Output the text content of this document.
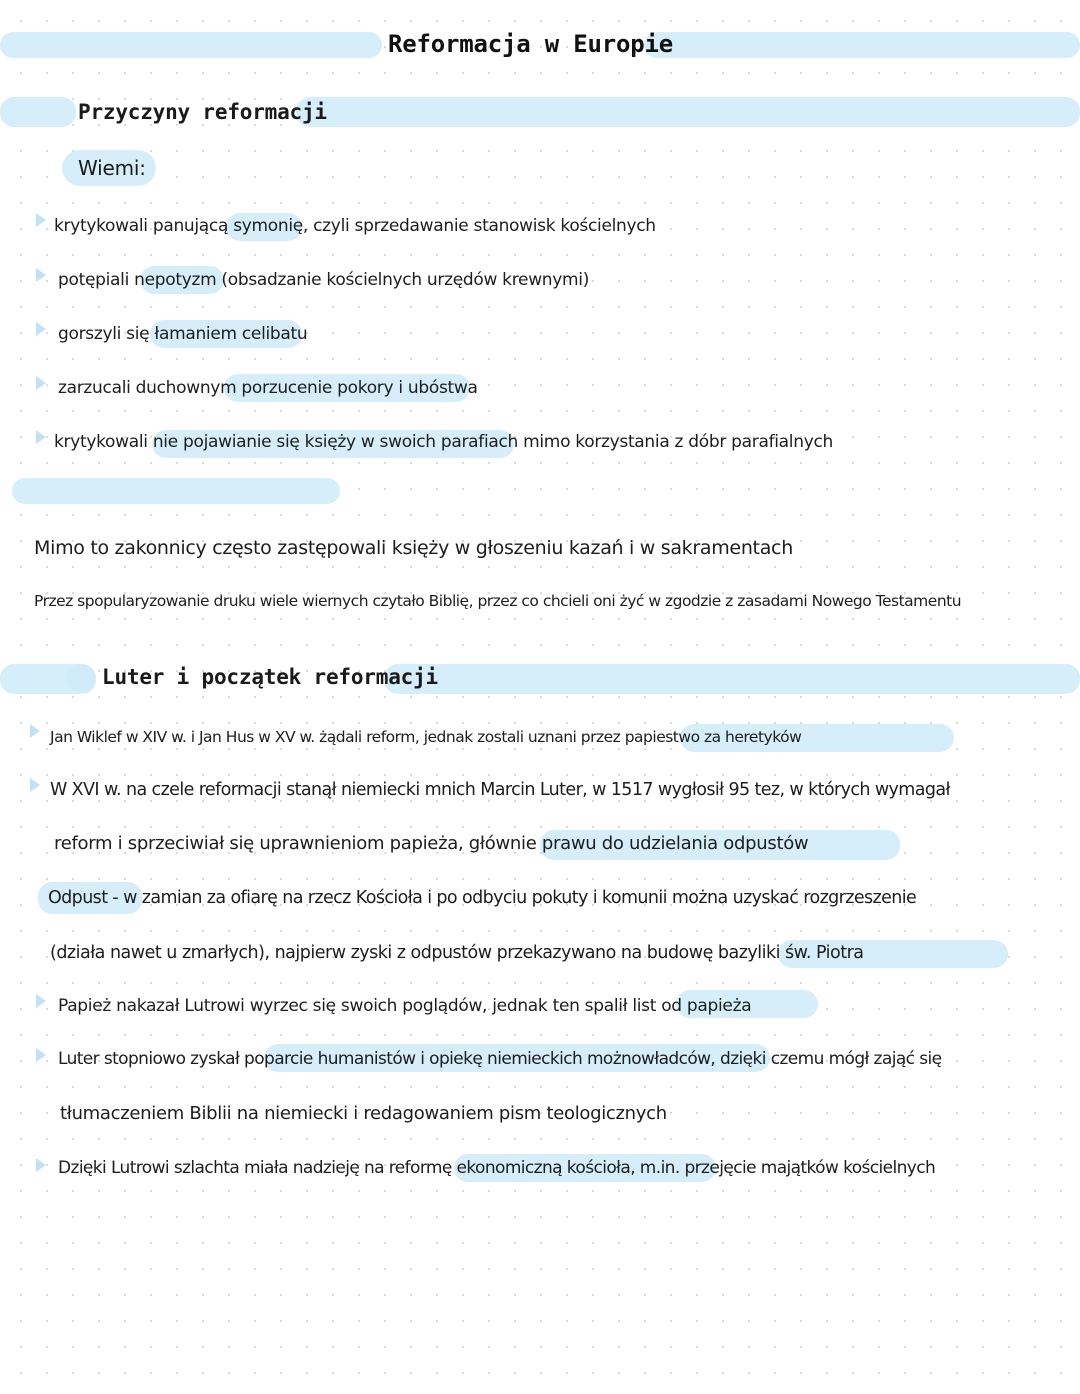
Reformacja w Europie
Przyczyny reformacji
Wiemi:
krytykowali panującą symonię, czyli sprzedawanie stanowisk kościelnych
potępiali nepotyzm (obsadzanie kościelnych urzędów krewnymi)
gorszyli się łamaniem celibatu
zarzucali duchownym porzucenie pokory i ubóstwa
krytykowali nie pojawianie się księży w swoich parafiach mimo korzystania z dóbr parafialnych
Mimo to zakonnicy często zastępowali księży w głoszeniu kazań i w sakramentach
Przez spopularyzowanie druku wiele wiernych czytało Biblię, przez co chcieli oni żyć w zgodzie z zasadami Nowego Testamentu
Luter i początek reformacji
Jan Wiklef w XIV w. i Jan Hus w XV w. żądali reform, jednak zostali uznani przez papiestwo za heretyków
W XVI w. na czele reformacji stanął niemiecki mnich Marcin Luter, w 1517 wygłosił 95 tez, w których wymagał
reform i sprzeciwiał się uprawnieniom papieża, głównie prawu do udzielania odpustów
Odpust - w zamian za ofiarę na rzecz Kościoła i po odbyciu pokuty i komunii można uzyskać rozgrzeszenie
(działa nawet u zmarłych), najpierw zyski z odpustów przekazywano na budowę bazyliki św. Piotra
Papież nakazał Lutrowi wyrzec się swoich poglądów, jednak ten spalił list od papieża
Luter stopniowo zyskał poparcie humanistów i opiekę niemieckich możnowładców, dzięki czemu mógł zająć się
tłumaczeniem Biblii na niemiecki i redagowaniem pism teologicznych
Dzięki Lutrowi szlachta miała nadzieję na reformę ekonomiczną kościoła, m.in. przejęcie majątków kościelnych
